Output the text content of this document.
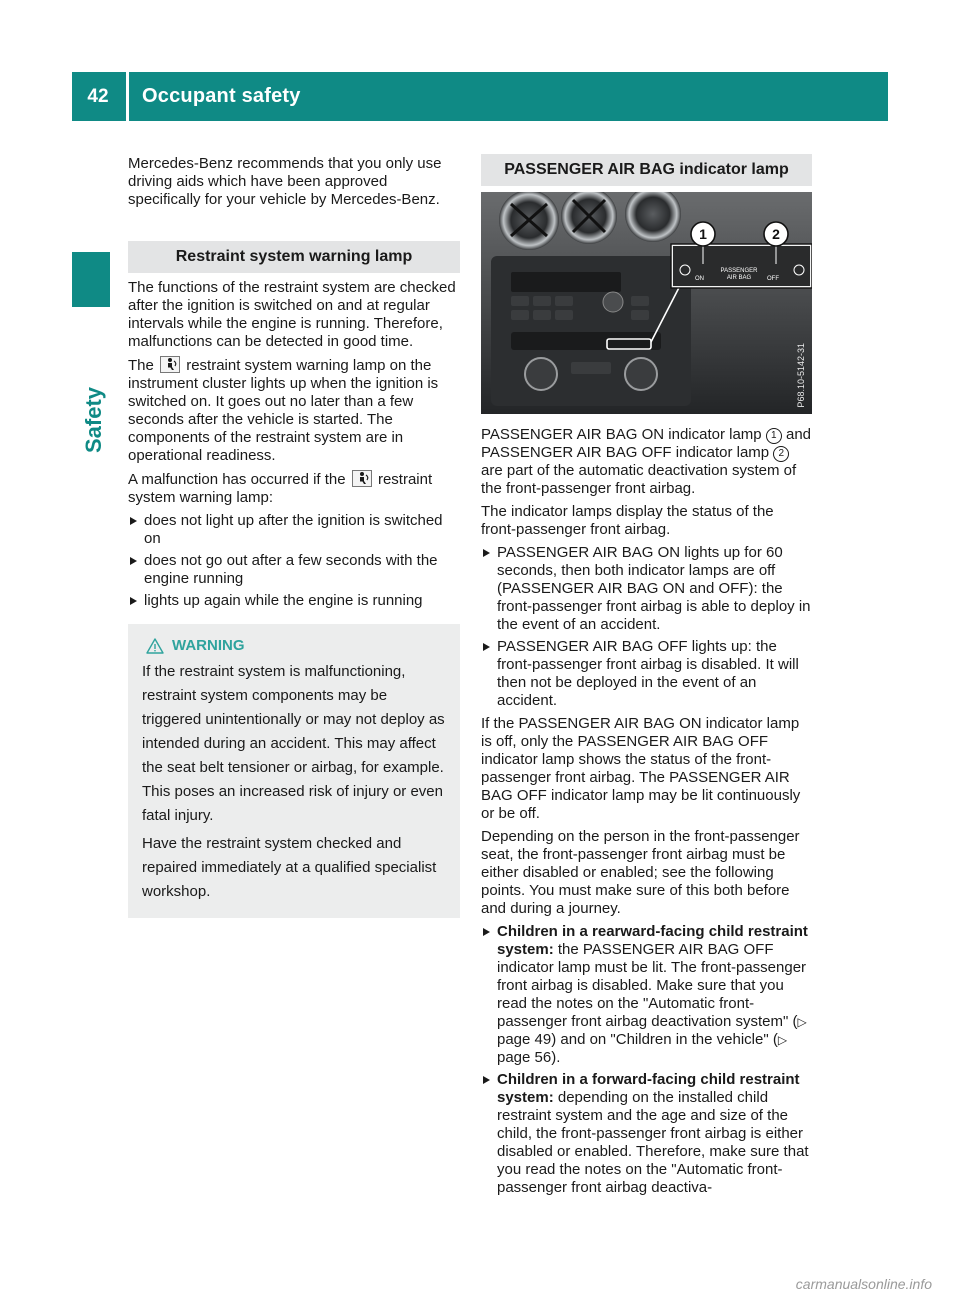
42	Occupant safety
Safety

Mercedes-Benz recommends that you only use driving aids which have been approved specifically for your vehicle by Mercedes-Benz.

Restraint system warning lamp

The functions of the restraint system are checked after the ignition is switched on and at regular intervals while the engine is running. Therefore, malfunctions can be detected in good time.

The restraint system warning lamp on the instrument cluster lights up when the ignition is switched on. It goes out no later than a few seconds after the vehicle is started. The components of the restraint system are in operational readiness.

A malfunction has occurred if the restraint system warning lamp:

does not light up after the ignition is switched on
does not go out after a few seconds with the engine running
lights up again while the engine is running
WARNING

If the restraint system is malfunctioning, restraint system components may be triggered unintentionally or may not deploy as intended during an accident. This may affect the seat belt tensioner or airbag, for example. This poses an increased risk of injury or even fatal injury.

Have the restraint system checked and repaired immediately at a qualified specialist workshop.

PASSENGER AIR BAG indicator lamp
1	2
ON
PASSENGER
AIR BAG	OFF
P68.10-5142-31

PASSENGER AIR BAG ON indicator lamp 1 and PASSENGER AIR BAG OFF indicator lamp 2 are part of the automatic deactivation system of the front-passenger front airbag.

The indicator lamps display the status of the front-passenger front airbag.

PASSENGER AIR BAG ON lights up for 60 seconds, then both indicator lamps are off (PASSENGER AIR BAG ON and OFF): the front-passenger front airbag is able to deploy in the event of an accident.
PASSENGER AIR BAG OFF lights up: the front-passenger front airbag is disabled. It will then not be deployed in the event of an accident.

If the PASSENGER AIR BAG ON indicator lamp is off, only the PASSENGER AIR BAG OFF indicator lamp shows the status of the front-passenger front airbag. The PASSENGER AIR BAG OFF indicator lamp may be lit continuously or be off.

Depending on the person in the front-passenger seat, the front-passenger front airbag must be either disabled or enabled; see the following points. You must make sure of this both before and during a journey.

Children in a rearward-facing child restraint system: the PASSENGER AIR BAG OFF indicator lamp must be lit. The front-passenger front airbag is disabled. Make sure that you read the notes on the "Automatic front-passenger front airbag deactivation system" (▷ page 49) and on "Children in the vehicle" (▷ page 56).
Children in a forward-facing child restraint system: depending on the installed child restraint system and the age and size of the child, the front-passenger front airbag is either disabled or enabled. Therefore, make sure that you read the notes on the "Automatic front-passenger front airbag deactiva-
carmanualsonline.info
